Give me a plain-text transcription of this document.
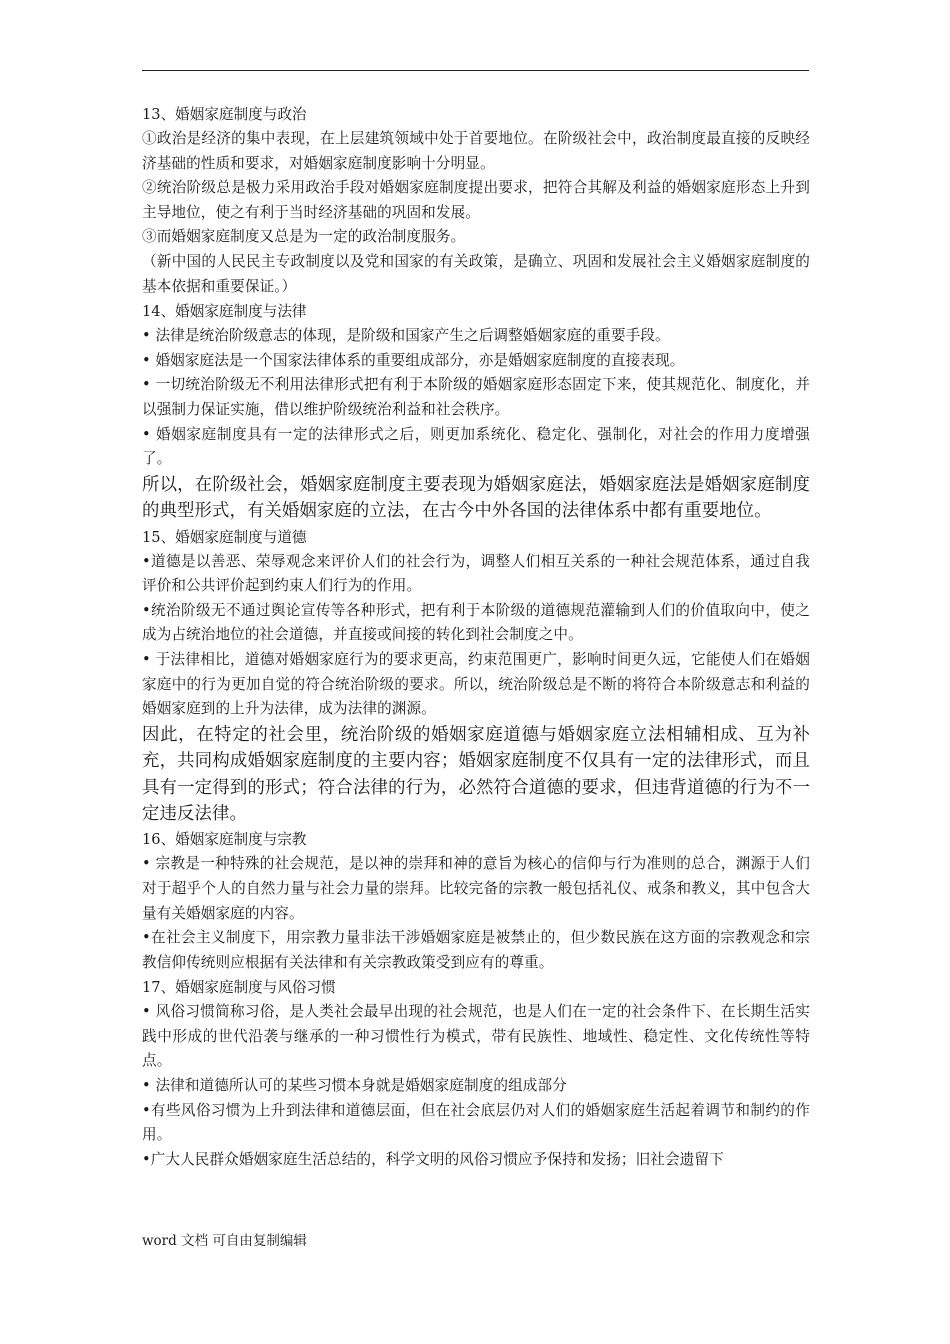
13、婚姻家庭制度与政治

①政治是经济的集中表现，在上层建筑领域中处于首要地位。在阶级社会中，政治制度最直接的反映经济基础的性质和要求，对婚姻家庭制度影响十分明显。

②统治阶级总是极力采用政治手段对婚姻家庭制度提出要求，把符合其解及利益的婚姻家庭形态上升到主导地位，使之有利于当时经济基础的巩固和发展。

③而婚姻家庭制度又总是为一定的政治制度服务。

（新中国的人民民主专政制度以及党和国家的有关政策，是确立、巩固和发展社会主义婚姻家庭制度的基本依据和重要保证。）

14、婚姻家庭制度与法律

• 法律是统治阶级意志的体现，是阶级和国家产生之后调整婚姻家庭的重要手段。

• 婚姻家庭法是一个国家法律体系的重要组成部分，亦是婚姻家庭制度的直接表现。

• 一切统治阶级无不利用法律形式把有利于本阶级的婚姻家庭形态固定下来，使其规范化、制度化，并以强制力保证实施，借以维护阶级统治利益和社会秩序。

• 婚姻家庭制度具有一定的法律形式之后，则更加系统化、稳定化、强制化，对社会的作用力度增强了。

所以，在阶级社会，婚姻家庭制度主要表现为婚姻家庭法，婚姻家庭法是婚姻家庭制度的典型形式，有关婚姻家庭的立法，在古今中外各国的法律体系中都有重要地位。

15、婚姻家庭制度与道德

•道德是以善恶、荣辱观念来评价人们的社会行为，调整人们相互关系的一种社会规范体系，通过自我评价和公共评价起到约束人们行为的作用。

•统治阶级无不通过舆论宣传等各种形式，把有利于本阶级的道德规范灌输到人们的价值取向中，使之成为占统治地位的社会道德，并直接或间接的转化到社会制度之中。

• 于法律相比，道德对婚姻家庭行为的要求更高，约束范围更广，影响时间更久远，它能使人们在婚姻家庭中的行为更加自觉的符合统治阶级的要求。所以，统治阶级总是不断的将符合本阶级意志和利益的婚姻家庭到的上升为法律，成为法律的渊源。

因此，在特定的社会里，统治阶级的婚姻家庭道德与婚姻家庭立法相辅相成、互为补充，共同构成婚姻家庭制度的主要内容；婚姻家庭制度不仅具有一定的法律形式，而且具有一定得到的形式；符合法律的行为，必然符合道德的要求，但违背道德的行为不一定违反法律。

16、婚姻家庭制度与宗教

• 宗教是一种特殊的社会规范，是以神的崇拜和神的意旨为核心的信仰与行为准则的总合，渊源于人们对于超乎个人的自然力量与社会力量的崇拜。比较完备的宗教一般包括礼仪、戒条和教义，其中包含大量有关婚姻家庭的内容。

•在社会主义制度下，用宗教力量非法干涉婚姻家庭是被禁止的，但少数民族在这方面的宗教观念和宗教信仰传统则应根据有关法律和有关宗教政策受到应有的尊重。

17、婚姻家庭制度与风俗习惯

• 风俗习惯简称习俗，是人类社会最早出现的社会规范，也是人们在一定的社会条件下、在长期生活实践中形成的世代沿袭与继承的一种习惯性行为模式，带有民族性、地域性、稳定性、文化传统性等特点。

• 法律和道德所认可的某些习惯本身就是婚姻家庭制度的组成部分

•有些风俗习惯为上升到法律和道德层面，但在社会底层仍对人们的婚姻家庭生活起着调节和制约的作用。

•广大人民群众婚姻家庭生活总结的，科学文明的风俗习惯应予保持和发扬；旧社会遗留下

word 文档 可自由复制编辑
